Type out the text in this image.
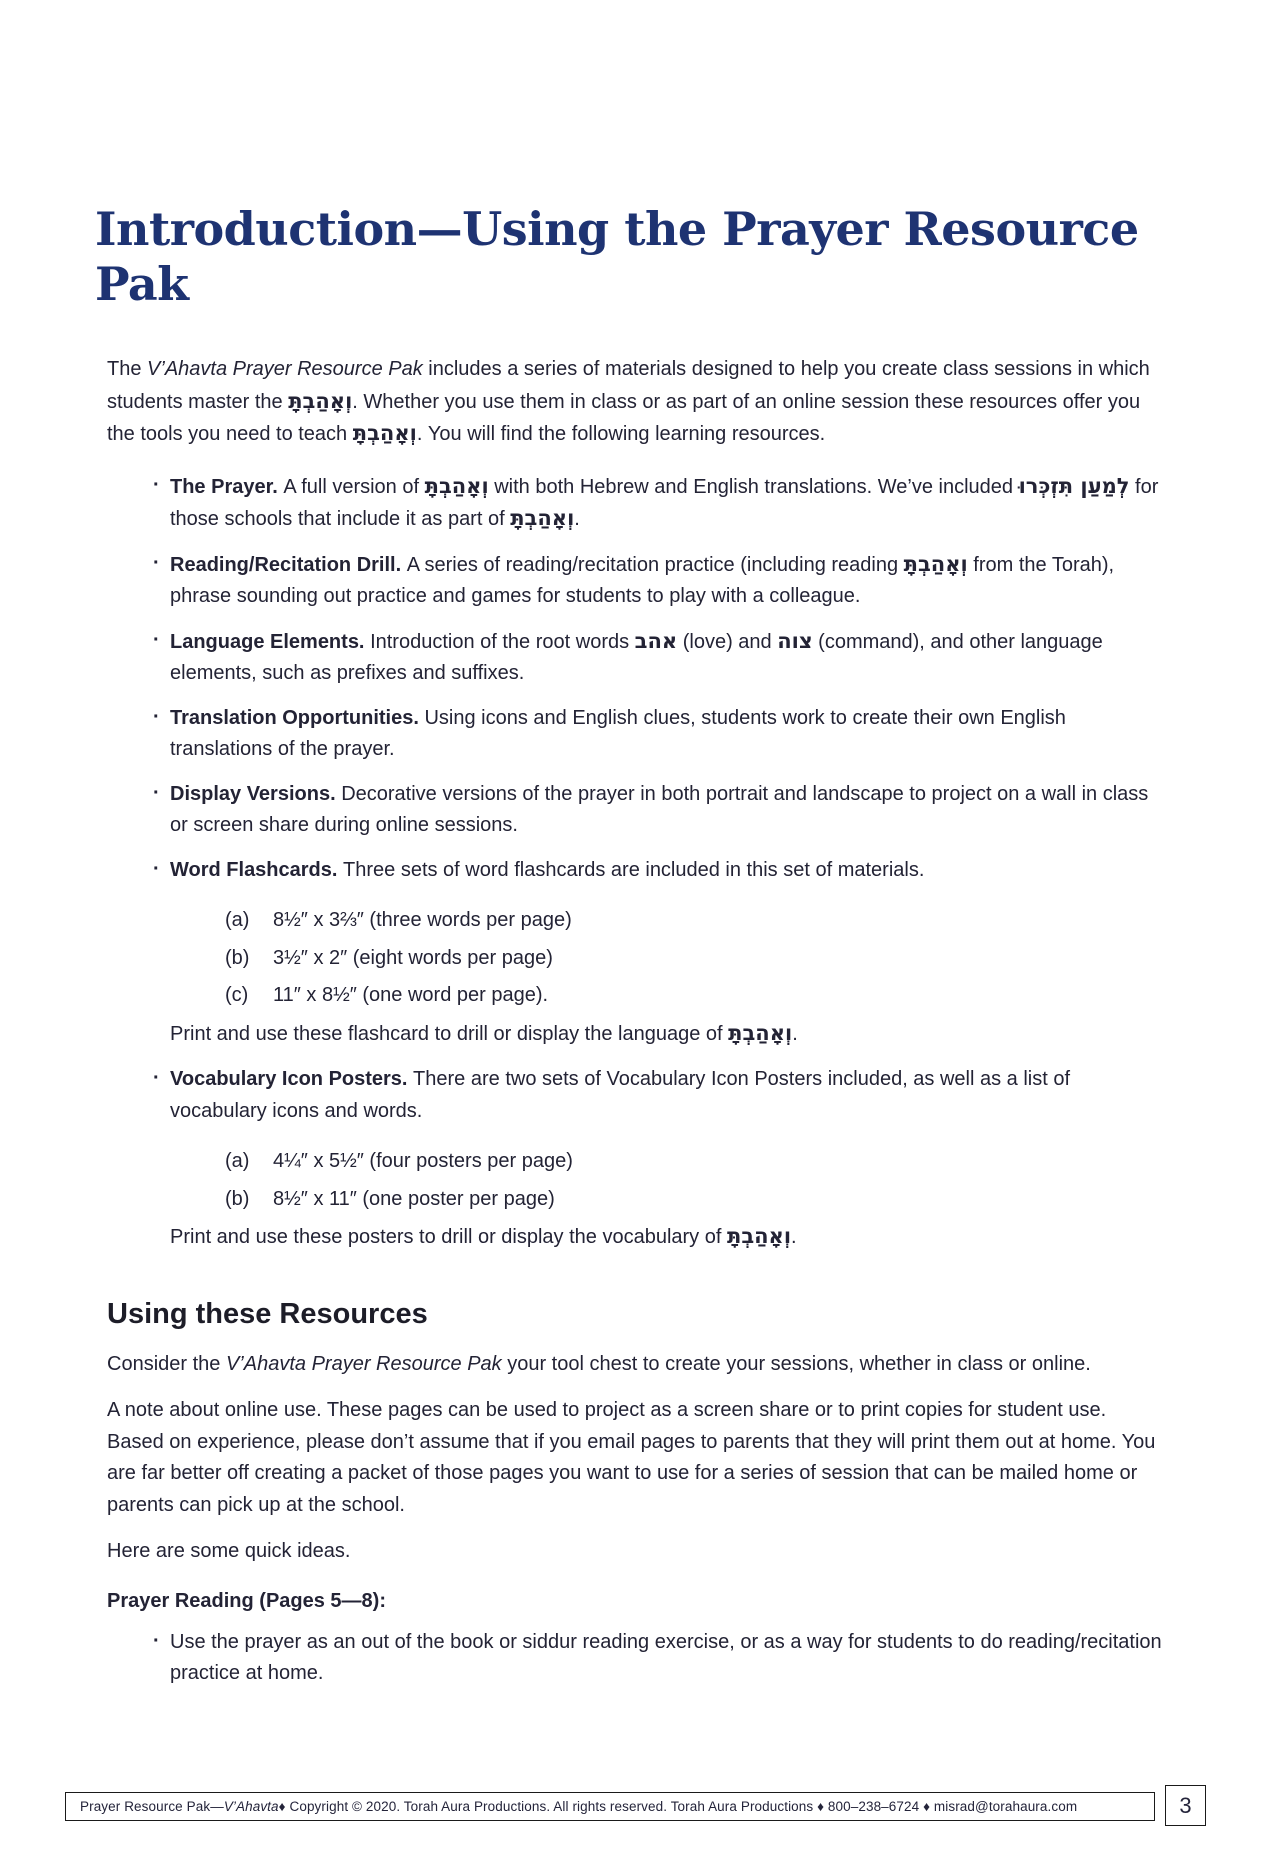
Introduction—Using the Prayer Resource Pak

The V’Ahavta Prayer Resource Pak includes a series of materials designed to help you create class sessions in which students master the וְאָהַבְתָּ. Whether you use them in class or as part of an online session these resources offer you the tools you need to teach וְאָהַבְתָּ. You will find the following learning resources.

· The Prayer. A full version of וְאָהַבְתָּ with both Hebrew and English translations. We’ve included לְמַעַן תִּזְכְּרוּ for those schools that include it as part of וְאָהַבְתָּ.
· Reading/Recitation Drill. A series of reading/recitation practice (including reading וְאָהַבְתָּ from the Torah), phrase sounding out practice and games for students to play with a colleague.
· Language Elements. Introduction of the root words אהב (love) and צוה (command), and other language elements, such as prefixes and suffixes.
· Translation Opportunities. Using icons and English clues, students work to create their own English translations of the prayer.
· Display Versions. Decorative versions of the prayer in both portrait and landscape to project on a wall in class or screen share during online sessions.
· Word Flashcards. Three sets of word flashcards are included in this set of materials.
(a)	8½″ x 3⅔″ (three words per page)
(b)	3½″ x 2″ (eight words per page)
(c)	11″ x 8½″ (one word per page).
Print and use these flashcard to drill or display the language of וְאָהַבְתָּ.
· Vocabulary Icon Posters. There are two sets of Vocabulary Icon Posters included, as well as a list of vocabulary icons and words.
(a)	4¼″ x 5½″ (four posters per page)
(b)	8½″ x 11″ (one poster per page)
Print and use these posters to drill or display the vocabulary of וְאָהַבְתָּ.
Using these Resources

Consider the V’Ahavta Prayer Resource Pak your tool chest to create your sessions, whether in class or online.

A note about online use. These pages can be used to project as a screen share or to print copies for student use. Based on experience, please don’t assume that if you email pages to parents that they will print them out at home. You are far better off creating a packet of those pages you want to use for a series of session that can be mailed home or parents can pick up at the school.

Here are some quick ideas.

Prayer Reading (Pages 5—8):
· Use the prayer as an out of the book or siddur reading exercise, or as a way for students to do reading/recitation practice at home.
Prayer Resource Pak— V’Ahavta ♦ Copyright © 2020. Torah Aura Productions. All rights reserved. Torah Aura Productions ♦ 800–238–6724 ♦ misrad@torahaura.com	3
